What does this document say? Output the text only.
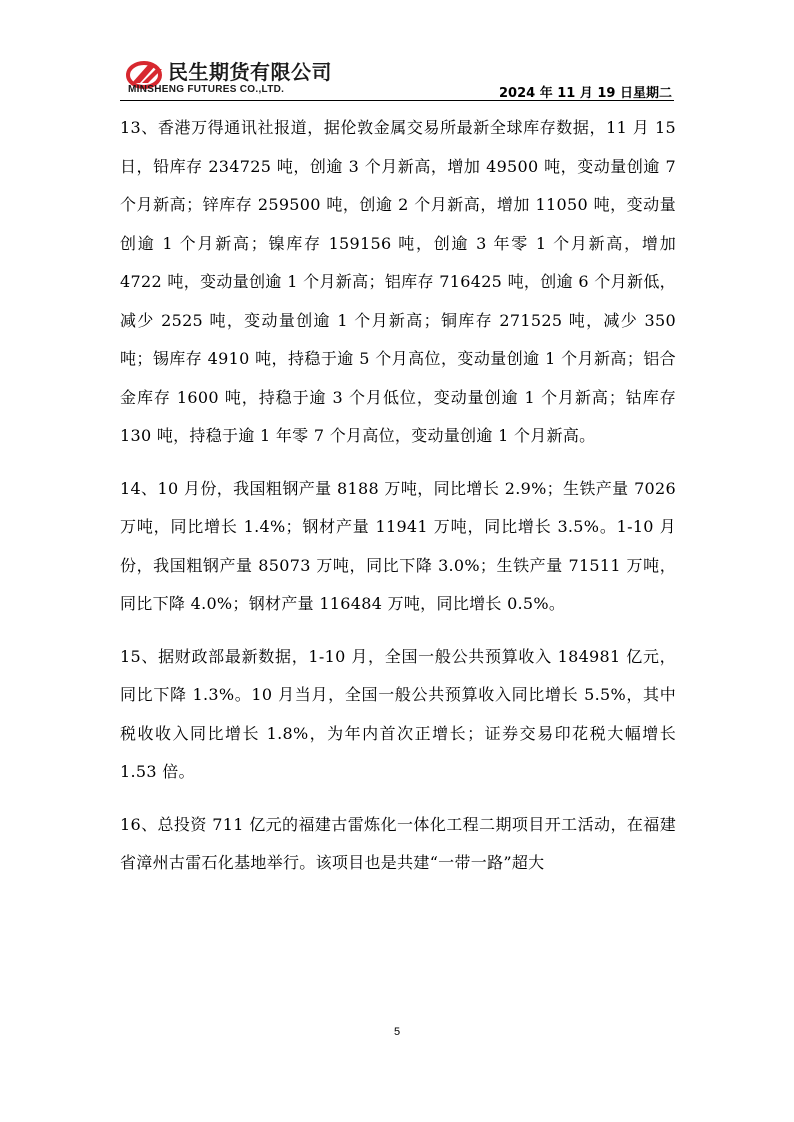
民生期货有限公司
MINSHENG FUTURES CO.,LTD.	2024 年 11 月 19 日星期二

13、香港万得通讯社报道，据伦敦金属交易所最新全球库存数据，11 月 15 日，铅库存 234725 吨，创逾 3 个月新高，增加 49500 吨，变动量创逾 7 个月新高；锌库存 259500 吨，创逾 2 个月新高，增加 11050 吨，变动量创逾 1 个月新高；镍库存 159156 吨，创逾 3 年零 1 个月新高，增加 4722 吨，变动量创逾 1 个月新高；铝库存 716425 吨，创逾 6 个月新低，减少 2525 吨，变动量创逾 1 个月新高；铜库存 271525 吨，减少 350 吨；锡库存 4910 吨，持稳于逾 5 个月高位，变动量创逾 1 个月新高；铝合金库存 1600 吨，持稳于逾 3 个月低位，变动量创逾 1 个月新高；钴库存 130 吨，持稳于逾 1 年零 7 个月高位，变动量创逾 1 个月新高。

14、10 月份，我国粗钢产量 8188 万吨，同比增长 2.9%；生铁产量 7026 万吨，同比增长 1.4%；钢材产量 11941 万吨，同比增长 3.5%。1-10 月份，我国粗钢产量 85073 万吨，同比下降 3.0%；生铁产量 71511 万吨，同比下降 4.0%；钢材产量 116484 万吨，同比增长 0.5%。

15、据财政部最新数据，1-10 月，全国一般公共预算收入 184981 亿元，同比下降 1.3%。10 月当月，全国一般公共预算收入同比增长 5.5%，其中税收收入同比增长 1.8%，为年内首次正增长；证券交易印花税大幅增长 1.53 倍。

16、总投资 711 亿元的福建古雷炼化一体化工程二期项目开工活动，在福建省漳州古雷石化基地举行。该项目也是共建“一带一路”超大

5
